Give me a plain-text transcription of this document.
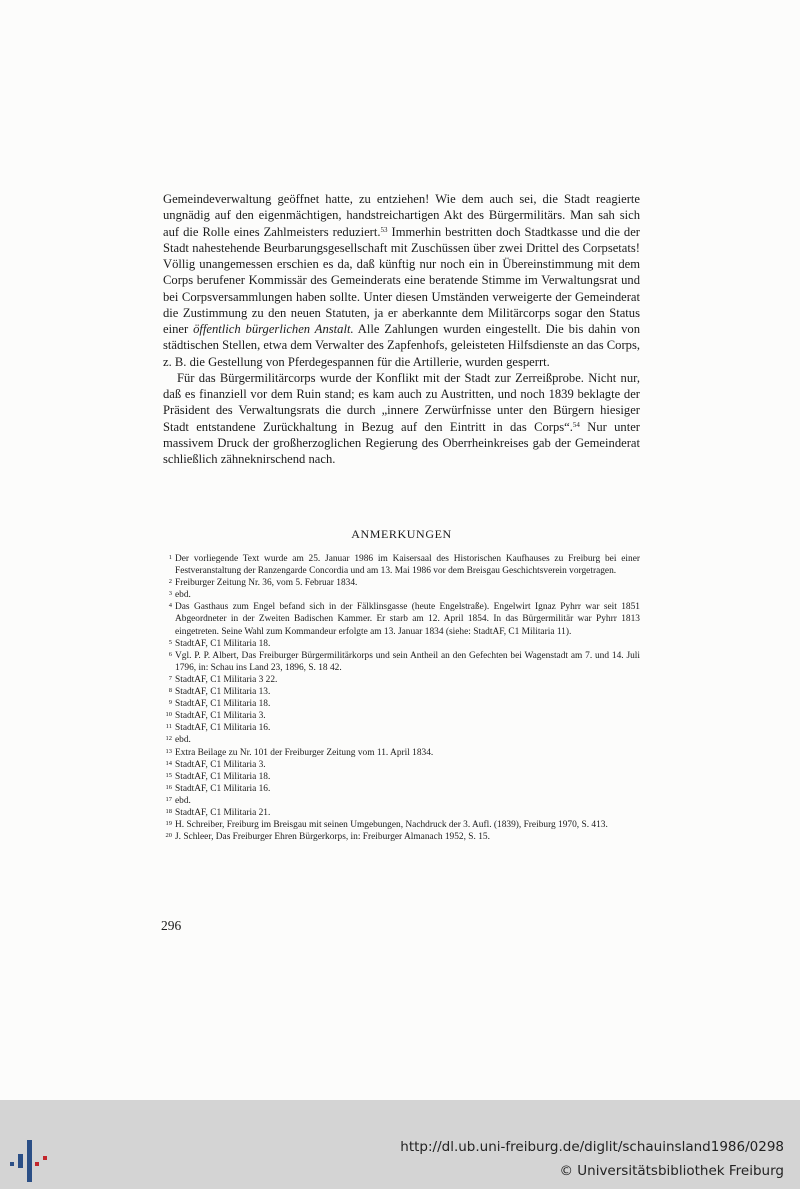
Gemeindeverwaltung geöffnet hatte, zu entziehen! Wie dem auch sei, die Stadt reagierte ungnädig auf den eigenmächtigen, handstreichartigen Akt des Bürgermilitärs. Man sah sich auf die Rolle eines Zahlmeisters reduziert.$^{53}$ Immerhin bestritten doch Stadtkasse und die der Stadt nahestehende Beurbarungsgesellschaft mit Zuschüssen über zwei Drittel des Corpsetats! Völlig unangemessen erschien es da, daß künftig nur noch ein in Übereinstimmung mit dem Corps berufener Kommissär des Gemeinderats eine beratende Stimme im Verwaltungsrat und bei Corpsversammlungen haben sollte. Unter diesen Umständen verweigerte der Gemeinderat die Zustimmung zu den neuen Statuten, ja er aberkannte dem Militärcorps sogar den Status einer öffentlich bürgerlichen Anstalt. Alle Zahlungen wurden eingestellt. Die bis dahin von städtischen Stellen, etwa dem Verwalter des Zapfenhofs, geleisteten Hilfsdienste an das Corps, z. B. die Gestellung von Pferdegespannen für die Artillerie, wurden gesperrt.

Für das Bürgermilitärcorps wurde der Konflikt mit der Stadt zur Zerreißprobe. Nicht nur, daß es finanziell vor dem Ruin stand; es kam auch zu Austritten, und noch 1839 beklagte der Präsident des Verwaltungsrats die durch „innere Zerwürfnisse unter den Bürgern hiesiger Stadt entstandene Zurückhaltung in Bezug auf den Eintritt in das Corps“.$^{54}$ Nur unter massivem Druck der großherzoglichen Regierung des Oberrheinkreises gab der Gemeinderat schließlich zähneknirschend nach.

ANMERKUNGEN
1 Der vorliegende Text wurde am 25. Januar 1986 im Kaisersaal des Historischen Kaufhauses zu Freiburg bei einer Festveranstaltung der Ranzengarde Concordia und am 13. Mai 1986 vor dem Breisgau Geschichtsverein vorgetragen.
2 Freiburger Zeitung Nr. 36, vom 5. Februar 1834.
3 ebd.
4 Das Gasthaus zum Engel befand sich in der Fälklinsgasse (heute Engelstraße). Engelwirt Ignaz Pyhrr war seit 1851 Abgeordneter in der Zweiten Badischen Kammer. Er starb am 12. April 1854. In das Bürgermilitär war Pyhrr 1813 eingetreten. Seine Wahl zum Kommandeur erfolgte am 13. Januar 1834 (siehe: StadtAF, C1 Militaria 11).
5 StadtAF, C1 Militaria 18.
6 Vgl. P. P. Albert, Das Freiburger Bürgermilitärkorps und sein Antheil an den Gefechten bei Wagenstadt am 7. und 14. Juli 1796, in: Schau ins Land 23, 1896, S. 18 42.
7 StadtAF, C1 Militaria 3 22.
8 StadtAF, C1 Militaria 13.
9 StadtAF, C1 Militaria 18.
10 StadtAF, C1 Militaria 3.
11 StadtAF, C1 Militaria 16.
12 ebd.
13 Extra Beilage zu Nr. 101 der Freiburger Zeitung vom 11. April 1834.
14 StadtAF, C1 Militaria 3.
15 StadtAF, C1 Militaria 18.
16 StadtAF, C1 Militaria 16.
17 ebd.
18 StadtAF, C1 Militaria 21.
19 H. Schreiber, Freiburg im Breisgau mit seinen Umgebungen, Nachdruck der 3. Aufl. (1839), Freiburg 1970, S. 413.
20 J. Schleer, Das Freiburger Ehren Bürgerkorps, in: Freiburger Almanach 1952, S. 15.
296
http://dl.ub.uni-freiburg.de/diglit/schauinsland1986/0298
© Universitätsbibliothek Freiburg
